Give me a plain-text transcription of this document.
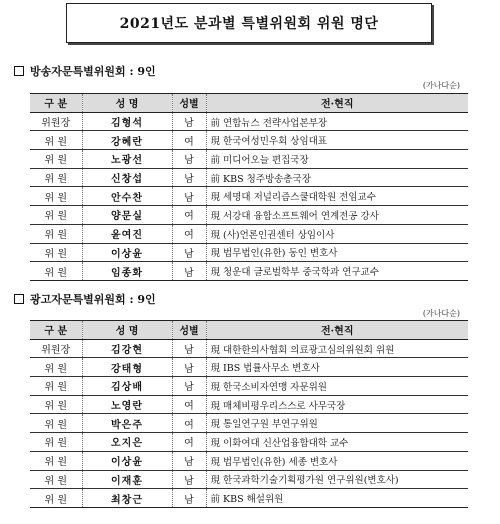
2021년도 분과별 특별위원회 위원 명단
방송자문특별위원회 : 9인
(가나다순)
구 분	성 명	성별	전·현직
위원장	김형석	남	前 연합뉴스 전략사업본부장
위 원	강혜란	여	現 한국여성민우회 상임대표
위 원	노광선	남	前 미디어오늘 편집국장
위 원	신창섭	남	前 KBS 청주방송총국장
위 원	안수찬	남	現 세명대 저널리즘스쿨대학원 전임교수
위 원	양문실	여	現 서강대 융합소프트웨어 연계전공 강사
위 원	윤여진	여	現 (사)언론인권센터 상임이사
위 원	이상윤	남	現 법무법인(유한) 동인 변호사
위 원	임종화	남	現 청운대 글로벌학부 중국학과 연구교수
광고자문특별위원회 : 9인
(가나다순)
구 분	성 명	성별	전·현직
위원장	김강현	남	現 대한한의사협회 의료광고심의위원회 위원
위 원	강태형	남	現 IBS 법률사무소 변호사
위 원	김상배	남	現 한국소비자연맹 자문위원
위 원	노영란	여	現 매체비평우리스스로 사무국장
위 원	박은주	여	現 통일연구원 부연구위원
위 원	오지은	여	現 이화여대 신산업융합대학 교수
위 원	이상윤	남	現 법무법인(유한) 세종 변호사
위 원	이재훈	남	現 한국과학기술기획평가원 연구위원(변호사)
위 원	최창근	남	前 KBS 해설위원
